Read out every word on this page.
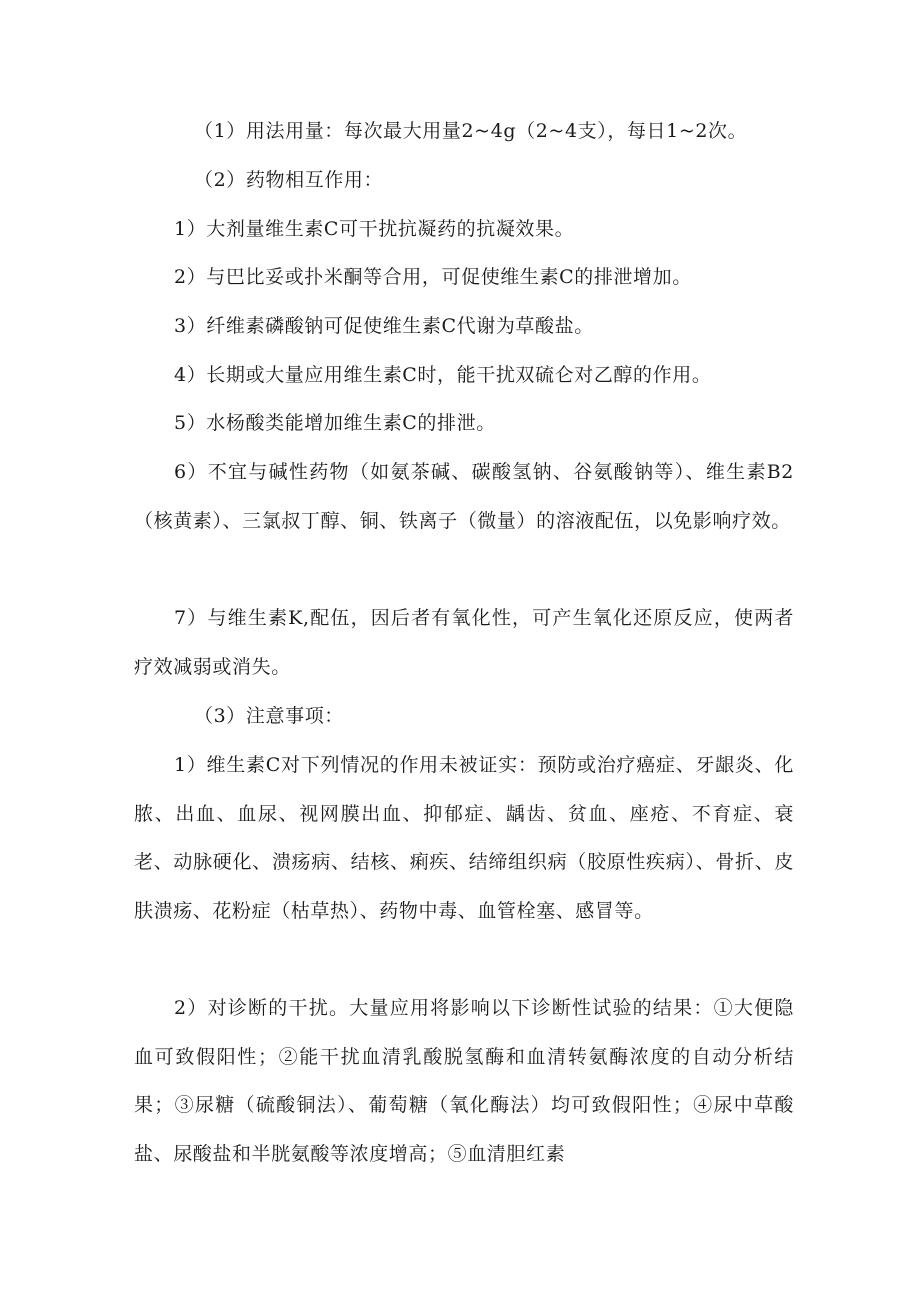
（1）用法用量：每次最大用量2~4g（2~4支），每日1~2次。

（2）药物相互作用：

1）大剂量维生素C可干扰抗凝药的抗凝效果。

2）与巴比妥或扑米酮等合用，可促使维生素C的排泄增加。

3）纤维素磷酸钠可促使维生素C代谢为草酸盐。

4）长期或大量应用维生素C时，能干扰双硫仑对乙醇的作用。

5）水杨酸类能增加维生素C的排泄。

6）不宜与碱性药物（如氨茶碱、碳酸氢钠、谷氨酸钠等）、维生素B2（核黄素）、三氯叔丁醇、铜、铁离子（微量）的溶液配伍，以免影响疗效。

7）与维生素K,配伍，因后者有氧化性，可产生氧化还原反应，使两者疗效减弱或消失。

（3）注意事项：

1）维生素C对下列情况的作用未被证实：预防或治疗癌症、牙龈炎、化脓、出血、血尿、视网膜出血、抑郁症、龋齿、贫血、座疮、不育症、衰老、动脉硬化、溃疡病、结核、痢疾、结缔组织病（胶原性疾病）、骨折、皮肤溃疡、花粉症（枯草热）、药物中毒、血管栓塞、感冒等。

2）对诊断的干扰。大量应用将影响以下诊断性试验的结果：①大便隐血可致假阳性；②能干扰血清乳酸脱氢酶和血清转氨酶浓度的自动分析结果；③尿糖（硫酸铜法）、葡萄糖（氧化酶法）均可致假阳性；④尿中草酸盐、尿酸盐和半胱氨酸等浓度增高；⑤血清胆红素
